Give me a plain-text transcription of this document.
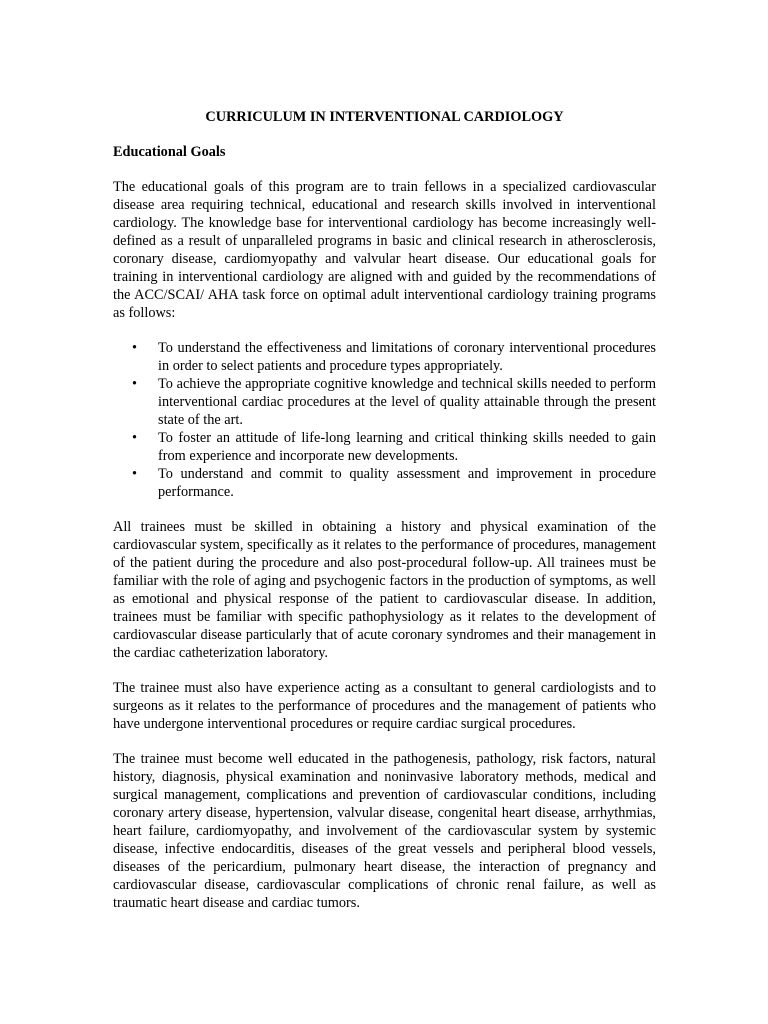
CURRICULUM IN INTERVENTIONAL CARDIOLOGY
Educational Goals

The educational goals of this program are to train fellows in a specialized cardiovascular disease area requiring technical, educational and research skills involved in interventional cardiology. The knowledge base for interventional cardiology has become increasingly well-defined as a result of unparalleled programs in basic and clinical research in atherosclerosis, coronary disease, cardiomyopathy and valvular heart disease. Our educational goals for training in interventional cardiology are aligned with and guided by the recommendations of the ACC/SCAI/ AHA task force on optimal adult interventional cardiology training programs as follows:

• To understand the effectiveness and limitations of coronary interventional procedures in order to select patients and procedure types appropriately.
• To achieve the appropriate cognitive knowledge and technical skills needed to perform interventional cardiac procedures at the level of quality attainable through the present state of the art.
• To foster an attitude of life-long learning and critical thinking skills needed to gain from experience and incorporate new developments.
• To understand and commit to quality assessment and improvement in procedure performance.

All trainees must be skilled in obtaining a history and physical examination of the cardiovascular system, specifically as it relates to the performance of procedures, management of the patient during the procedure and also post-procedural follow-up. All trainees must be familiar with the role of aging and psychogenic factors in the production of symptoms, as well as emotional and physical response of the patient to cardiovascular disease. In addition, trainees must be familiar with specific pathophysiology as it relates to the development of cardiovascular disease particularly that of acute coronary syndromes and their management in the cardiac catheterization laboratory.

The trainee must also have experience acting as a consultant to general cardiologists and to surgeons as it relates to the performance of procedures and the management of patients who have undergone interventional procedures or require cardiac surgical procedures.

The trainee must become well educated in the pathogenesis, pathology, risk factors, natural history, diagnosis, physical examination and noninvasive laboratory methods, medical and surgical management, complications and prevention of cardiovascular conditions, including coronary artery disease, hypertension, valvular disease, congenital heart disease, arrhythmias, heart failure, cardiomyopathy, and involvement of the cardiovascular system by systemic disease, infective endocarditis, diseases of the great vessels and peripheral blood vessels, diseases of the pericardium, pulmonary heart disease, the interaction of pregnancy and cardiovascular disease, cardiovascular complications of chronic renal failure, as well as traumatic heart disease and cardiac tumors.
